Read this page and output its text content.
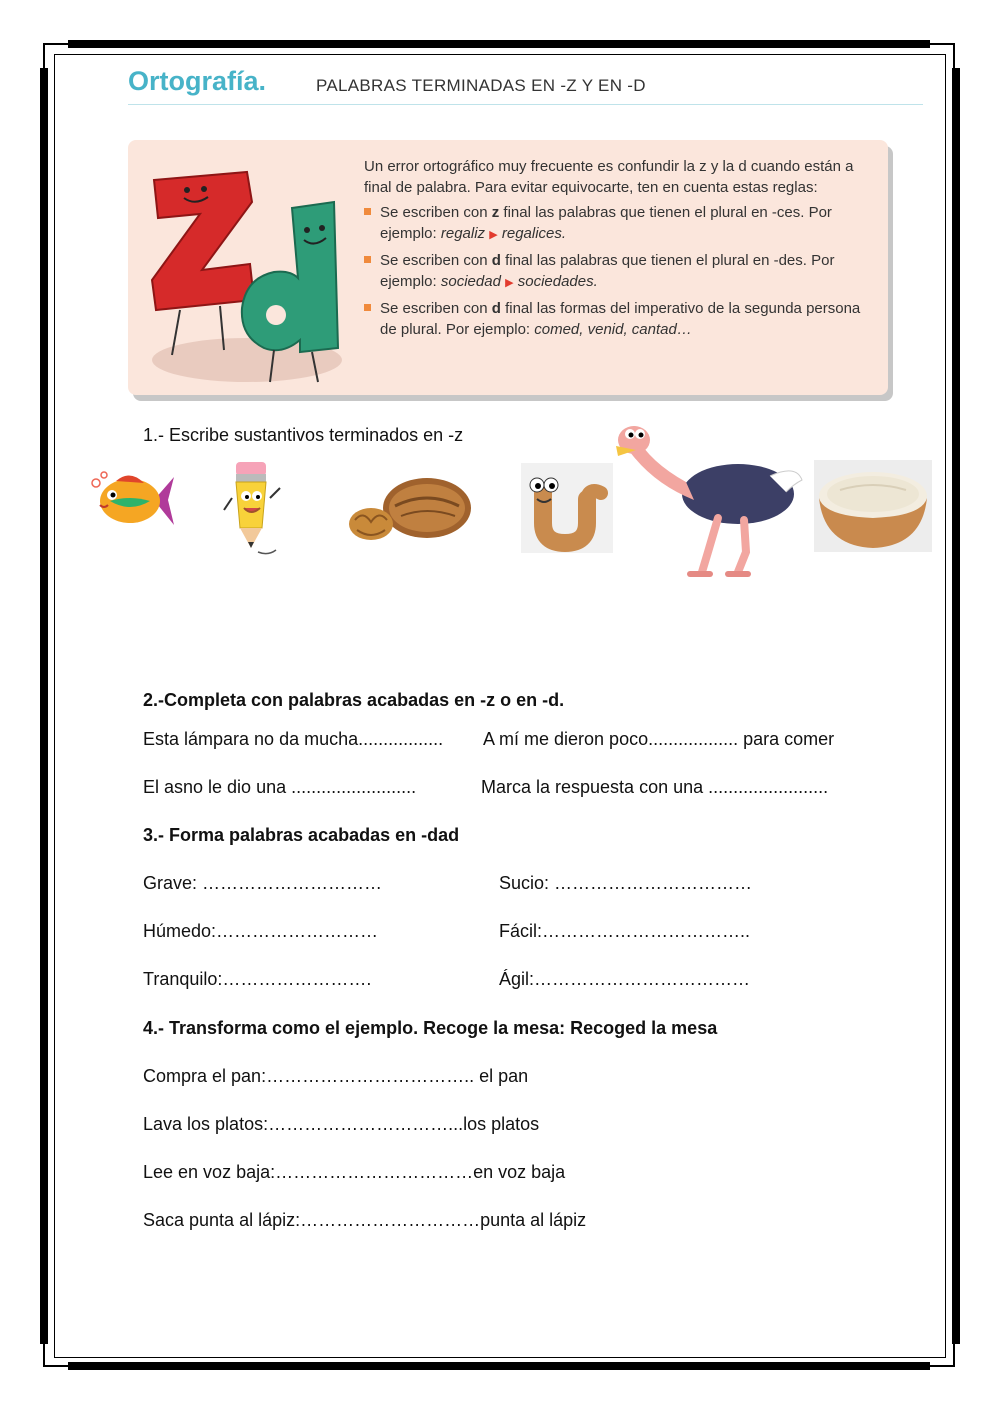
Ortografía.	PALABRAS TERMINADAS EN -Z Y EN -D
Un error ortográfico muy frecuente es confundir la z y la d cuando están a final de palabra. Para evitar equivocarte, ten en cuenta estas reglas:
Se escriben con z final las palabras que tienen el plural en -ces. Por ejemplo: regaliz ▶ regalices.
Se escriben con d final las palabras que tienen el plural en -des. Por ejemplo: sociedad ▶ sociedades.
Se escriben con d final las formas del imperativo de la segunda persona de plural. Por ejemplo: comed, venid, cantad…
1.- Escribe sustantivos terminados en -z
2.-Completa con palabras acabadas en -z o en -d.
Esta lámpara no da mucha................. A mí me dieron poco.................. para comer
El asno le dio una .........................	Marca la respuesta con una ........................
3.- Forma palabras acabadas en -dad
Grave: …………………………	Sucio: ……………………………
Húmedo:………………………	Fácil:……………………………..
Tranquilo:…………………….	Ágil:………………………………
4.- Transforma como el ejemplo. Recoge la mesa: Recoged la mesa
Compra el pan:…………………………….. el pan
Lava los platos:…………………………...los platos
Lee en voz baja:……………………………en voz baja
Saca punta al lápiz:…………………………punta al lápiz
